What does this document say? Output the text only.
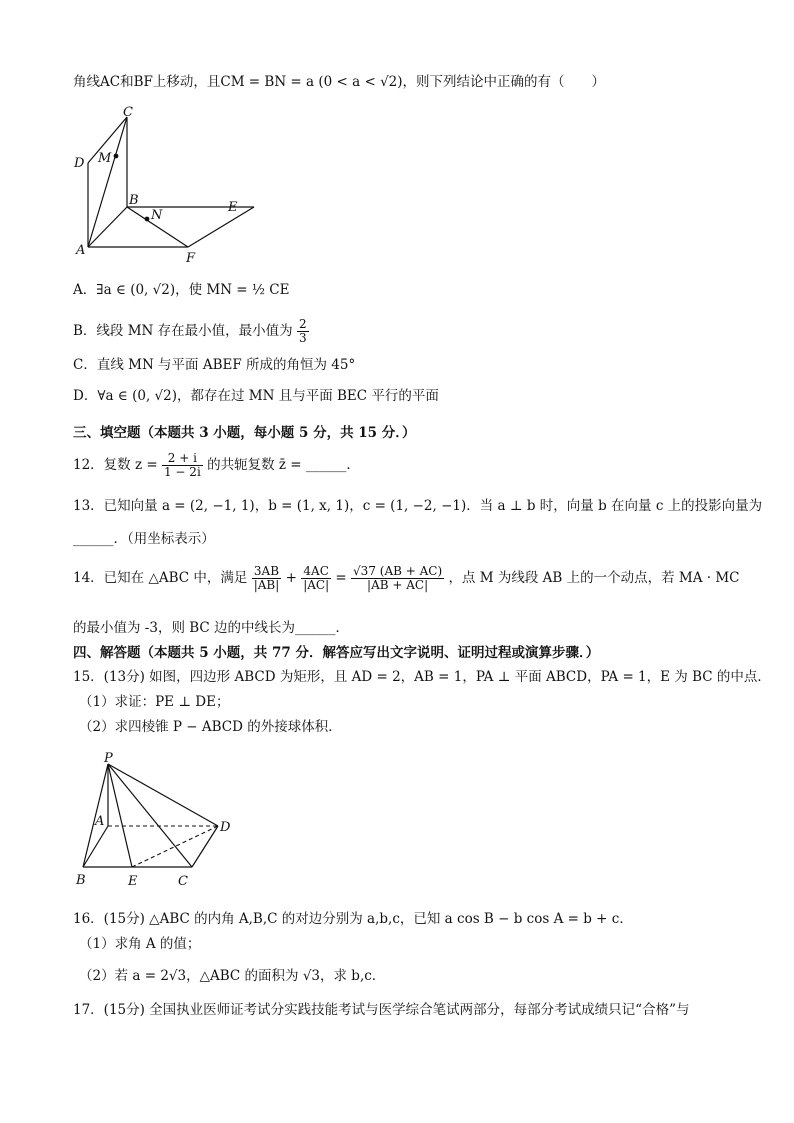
角线AC和BF上移动，且CM = BN = a (0 < a < √2)，则下列结论中正确的有（　　）
C
D M
B
N
E
A
F
A．∃a ∈ (0, √2)，使 MN = ½ CE
B．线段 MN 存在最小值，最小值为 $\frac{2}{3}$
C．直线 MN 与平面 ABEF 所成的角恒为 45°
D．∀a ∈ (0, √2)，都存在过 MN 且与平面 BEC 平行的平面
三、填空题（本题共 3 小题，每小题 5 分，共 15 分．）
12．复数 $z = \frac{2 + i}{1 - 2i}$ 的共轭复数 z̄ = ______．
13．已知向量 a = (2, −1, 1)，b = (1, x, 1)，c = (1, −2, −1)．当 a ⊥ b 时，向量 b 在向量 c 上的投影向量为
______．（用坐标表示）
14．已知在 △ABC 中，满足 $\frac{3AB}{|AB|} + \frac{4AC}{|AC|} = \frac{√37 (AB + AC)}{|AB + AC|}$ ，点 M 为线段 AB 上的一个动点，若 MA · MC
的最小值为 -3，则 BC 边的中线长为______．
四、解答题（本题共 5 小题，共 77 分．解答应写出文字说明、证明过程或演算步骤．）
15．(13分) 如图，四边形 ABCD 为矩形，且 AD = 2，AB = 1，PA ⊥ 平面 ABCD，PA = 1，E 为 BC 的中点．
（1）求证：PE ⊥ DE；
（2）求四棱锥 P − ABCD 的外接球体积．
P
A	D
B	E	C
16．(15分) △ABC 的内角 A,B,C 的对边分别为 a,b,c，已知 a cos B − b cos A = b + c．
（1）求角 A 的值；
（2）若 a = 2√3，△ABC 的面积为 √3，求 b,c．
17．(15分) 全国执业医师证考试分实践技能考试与医学综合笔试两部分，每部分考试成绩只记“合格”与
